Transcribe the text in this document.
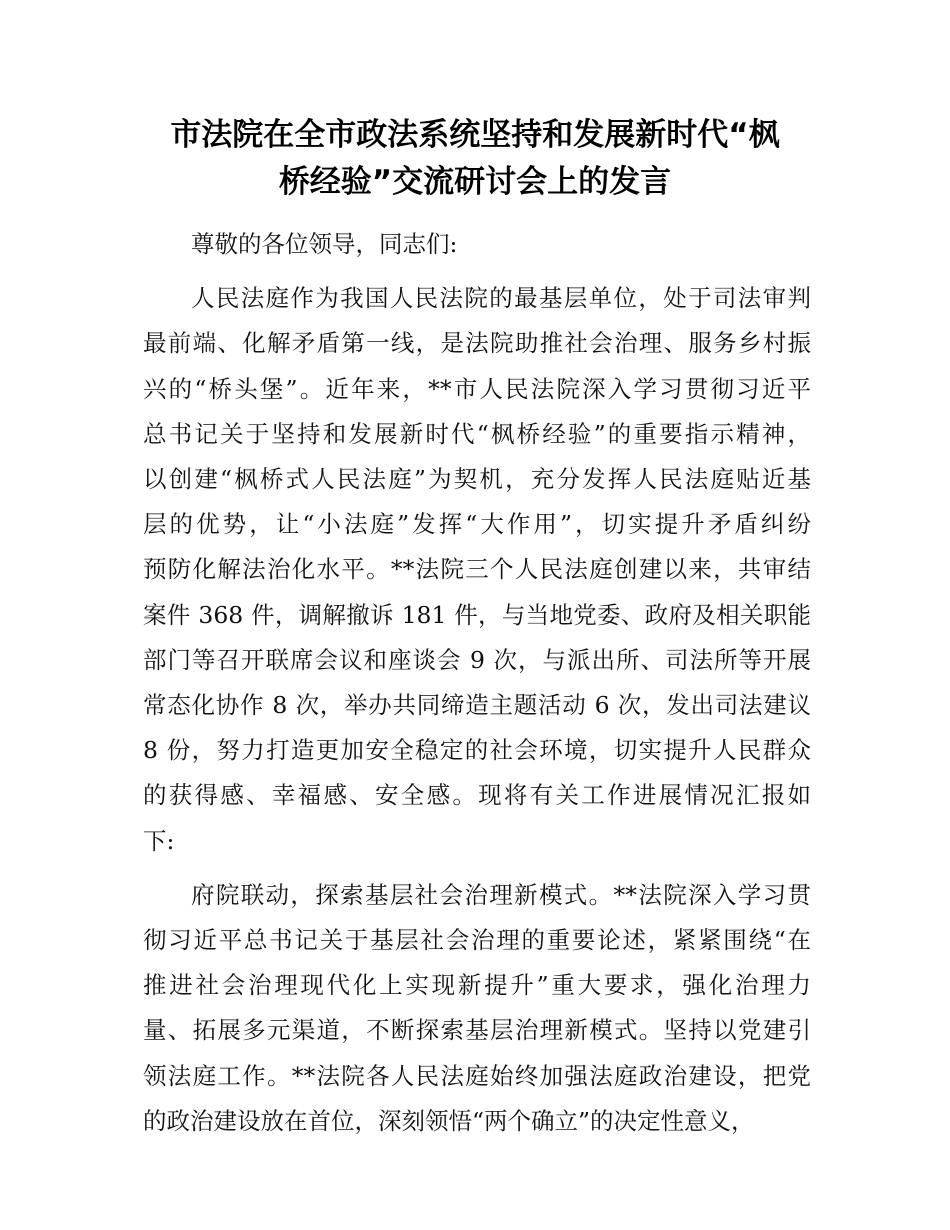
市法院在全市政法系统坚持和发展新时代“枫
桥经验”交流研讨会上的发言

尊敬的各位领导，同志们:

人民法庭作为我国人民法院的最基层单位，处于司法审判
最前端、化解矛盾第一线，是法院助推社会治理、服务乡村振
兴的“桥头堡”。近年来，**市人民法院深入学习贯彻习近平
总书记关于坚持和发展新时代“枫桥经验”的重要指示精神，
以创建“枫桥式人民法庭”为契机，充分发挥人民法庭贴近基
层的优势，让“小法庭”发挥“大作用”，切实提升矛盾纠纷
预防化解法治化水平。**法院三个人民法庭创建以来，共审结
案件 368 件，调解撤诉 181 件，与当地党委、政府及相关职能
部门等召开联席会议和座谈会 9 次，与派出所、司法所等开展
常态化协作 8 次，举办共同缔造主题活动 6 次，发出司法建议
8 份，努力打造更加安全稳定的社会环境，切实提升人民群众
的获得感、幸福感、安全感。现将有关工作进展情况汇报如
下:

府院联动，探索基层社会治理新模式。**法院深入学习贯
彻习近平总书记关于基层社会治理的重要论述，紧紧围绕“在
推进社会治理现代化上实现新提升”重大要求，强化治理力
量、拓展多元渠道，不断探索基层治理新模式。坚持以党建引
领法庭工作。**法院各人民法庭始终加强法庭政治建设，把党
的政治建设放在首位，深刻领悟“两个确立”的决定性意义，
